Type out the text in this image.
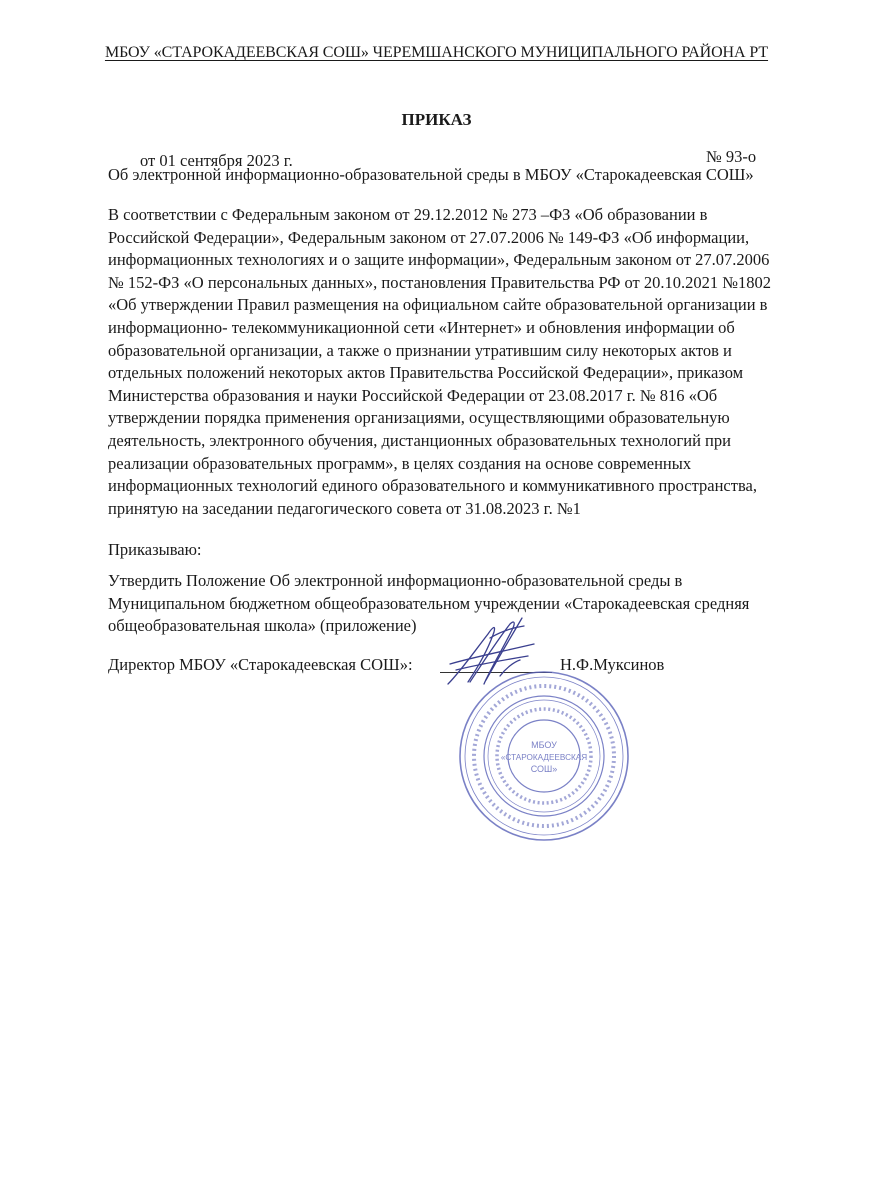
МБОУ «СТАРОКАДЕЕВСКАЯ СОШ» ЧЕРЕМШАНСКОГО МУНИЦИПАЛЬНОГО РАЙОНА РТ
ПРИКАЗ
от 01 сентября 2023 г.	№ 93-о
Об электронной информационно-образовательной среды в МБОУ «Старокадеевская СОШ»
В соответствии с Федеральным законом от 29.12.2012 № 273 –ФЗ «Об образовании в
Российской Федерации», Федеральным законом от 27.07.2006 № 149-ФЗ «Об информации,
информационных технологиях и о защите информации», Федеральным законом от 27.07.2006
№ 152-ФЗ «О персональных данных», постановления Правительства РФ от 20.10.2021 №1802
«Об утверждении Правил размещения на официальном сайте образовательной организации в
информационно- телекоммуникационной сети «Интернет» и обновления информации об
образовательной организации, а также о признании утратившим силу некоторых актов и
отдельных положений некоторых актов Правительства Российской Федерации», приказом
Министерства образования и науки Российской Федерации от 23.08.2017 г. № 816 «Об
утверждении порядка применения организациями, осуществляющими образовательную
деятельность, электронного обучения, дистанционных образовательных технологий при
реализации образовательных программ», в целях создания на основе современных
информационных технологий единого образовательного и коммуникативного пространства,
принятую на заседании педагогического совета от 31.08.2023 г. №1
Приказываю:
Утвердить Положение Об электронной информационно-образовательной среды в
Муниципальном бюджетном общеобразовательном учреждении «Старокадеевская средняя
общеобразовательная школа» (приложение)
Директор МБОУ «Старокадеевская СОШ»:	Н.Ф.Муксинов
МБОУ
«СТАРОКАДЕЕВСКАЯ
СОШ»
